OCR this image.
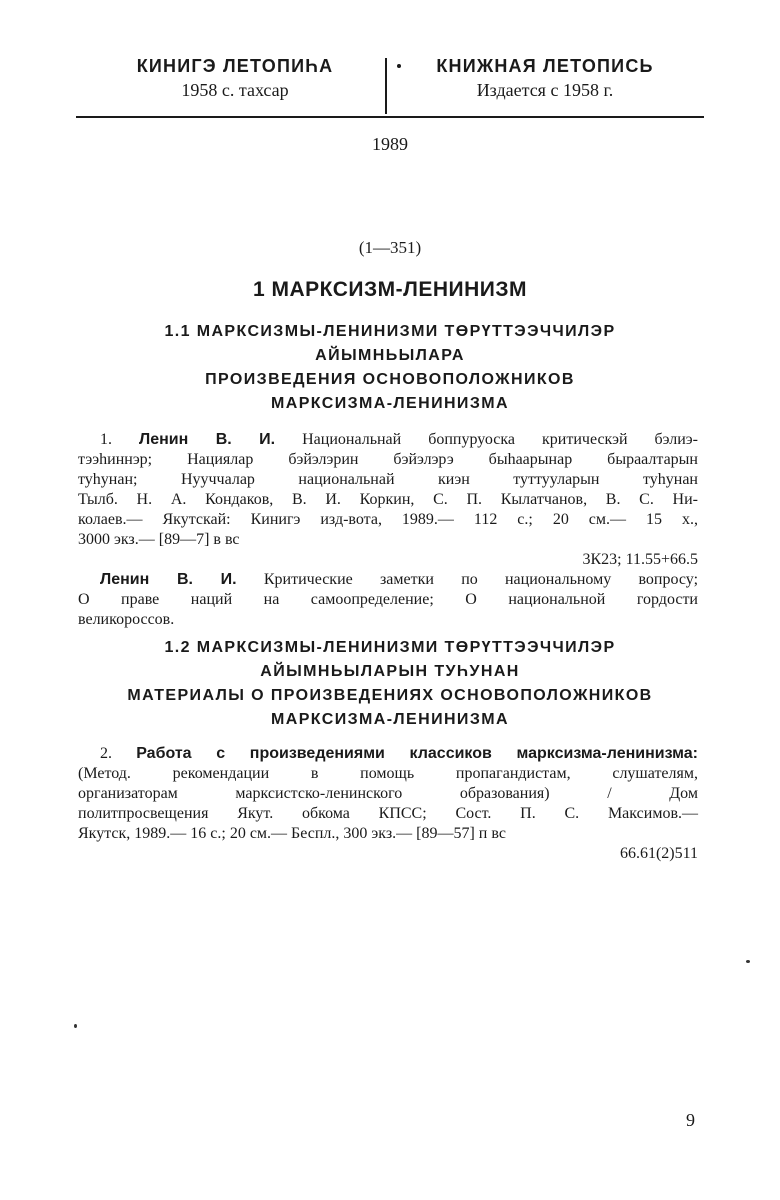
КИНИГЭ ЛЕТОПИҺА
1958 с. тахсар
КНИЖНАЯ ЛЕТОПИСЬ
Издается с 1958 г.
1989
(1—351)
1 МАРКСИЗМ-ЛЕНИНИЗМ
1.1 МАРКСИЗМЫ-ЛЕНИНИЗМИ ТӨРҮТТЭЭЧЧИЛЭР
АЙЫМНЬЫЛАРА
ПРОИЗВЕДЕНИЯ ОСНОВОПОЛОЖНИКОВ
МАРКСИЗМА-ЛЕНИНИЗМА
1. Ленин В. И. Национальнай боппуруоска критическэй бэлиэ-
тээһиннэр; Нациялар бэйэлэрин бэйэлэрэ быһаарынар быраалтарын
туһунан; Нууччалар национальнай киэн туттууларын туһунан
Тылб. Н. А. Кондаков, В. И. Коркин, С. П. Кылатчанов, В. С. Ни-
колаев.— Якутскай: Кинигэ изд-вота, 1989.— 112 с.; 20 см.— 15 х.,
3000 экз.— [89—7] в вс
3К23; 11.55+66.5
Ленин В. И. Критические заметки по национальному вопросу;
О праве наций на самоопределение; О национальной гордости
великороссов.
1.2 МАРКСИЗМЫ-ЛЕНИНИЗМИ ТӨРҮТТЭЭЧЧИЛЭР
АЙЫМНЬЫЛАРЫН ТУҺУНАН
МАТЕРИАЛЫ О ПРОИЗВЕДЕНИЯХ ОСНОВОПОЛОЖНИКОВ
МАРКСИЗМА-ЛЕНИНИЗМА
2. Работа с произведениями классиков марксизма-ленинизма:
(Метод. рекомендации в помощь пропагандистам, слушателям,
организаторам марксистско-ленинского образования) / Дом
политпросвещения Якут. обкома КПСС; Сост. П. С. Максимов.—
Якутск, 1989.— 16 с.; 20 см.— Беспл., 300 экз.— [89—57] п вс
66.61(2)511
9
